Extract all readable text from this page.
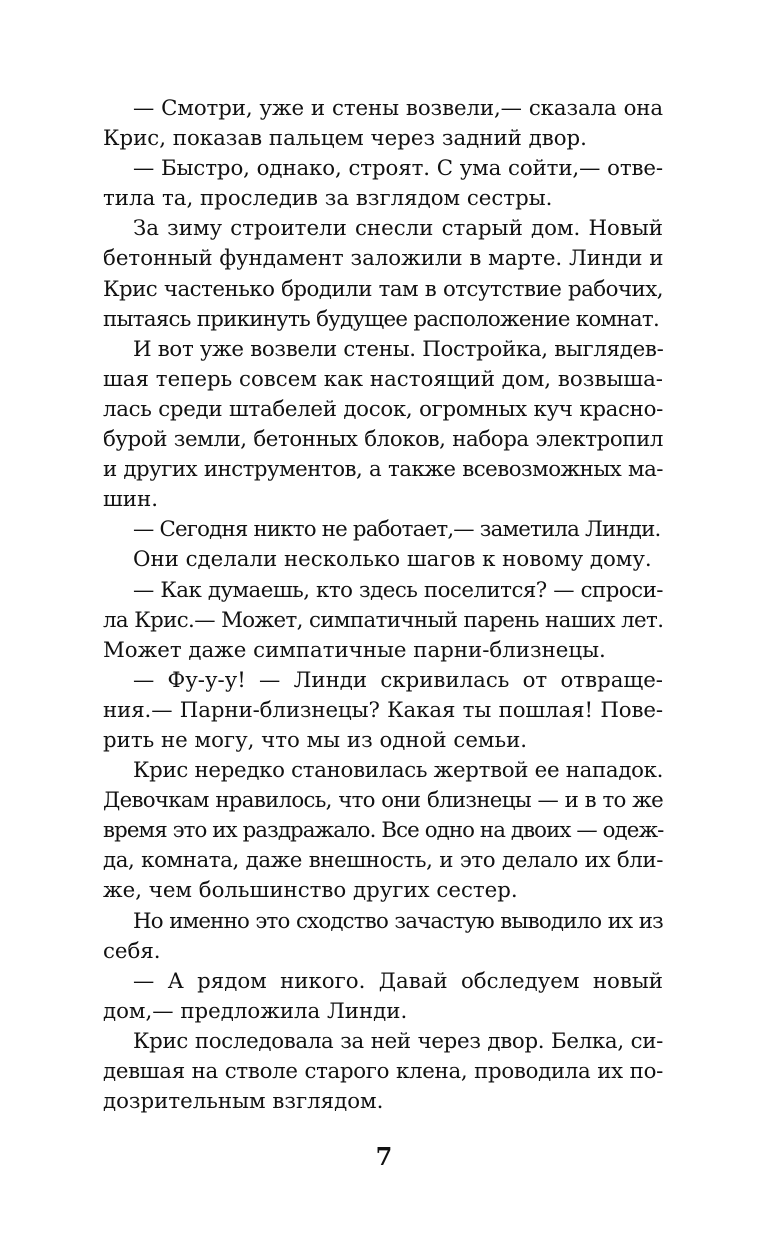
— Смотри, уже и стены возвели,— сказала она
Крис, показав пальцем через задний двор.
— Быстро, однако, строят. С ума сойти,— отве-
тила та, проследив за взглядом сестры.
За зиму строители снесли старый дом. Новый
бетонный фундамент заложили в марте. Линди и
Крис частенько бродили там в отсутствие рабочих,
пытаясь прикинуть будущее расположение комнат.
И вот уже возвели стены. Постройка, выглядев-
шая теперь совсем как настоящий дом, возвыша-
лась среди штабелей досок, огромных куч красно-
бурой земли, бетонных блоков, набора электропил
и других инструментов, а также всевозможных ма-
шин.
— Сегодня никто не работает,— заметила Линди.
Они сделали несколько шагов к новому дому.
— Как думаешь, кто здесь поселится? — спроси-
ла Крис.— Может, симпатичный парень наших лет.
Может даже симпатичные парни-близнецы.
— Фу-у-у! — Линди скривилась от отвраще-
ния.— Парни-близнецы? Какая ты пошлая! Пове-
рить не могу, что мы из одной семьи.
Крис нередко становилась жертвой ее нападок.
Девочкам нравилось, что они близнецы — и в то же
время это их раздражало. Все одно на двоих — одеж-
да, комната, даже внешность, и это делало их бли-
же, чем большинство других сестер.
Но именно это сходство зачастую выводило их из
себя.
— А рядом никого. Давай обследуем новый
дом,— предложила Линди.
Крис последовала за ней через двор. Белка, си-
девшая на стволе старого клена, проводила их по-
дозрительным взглядом.
7
